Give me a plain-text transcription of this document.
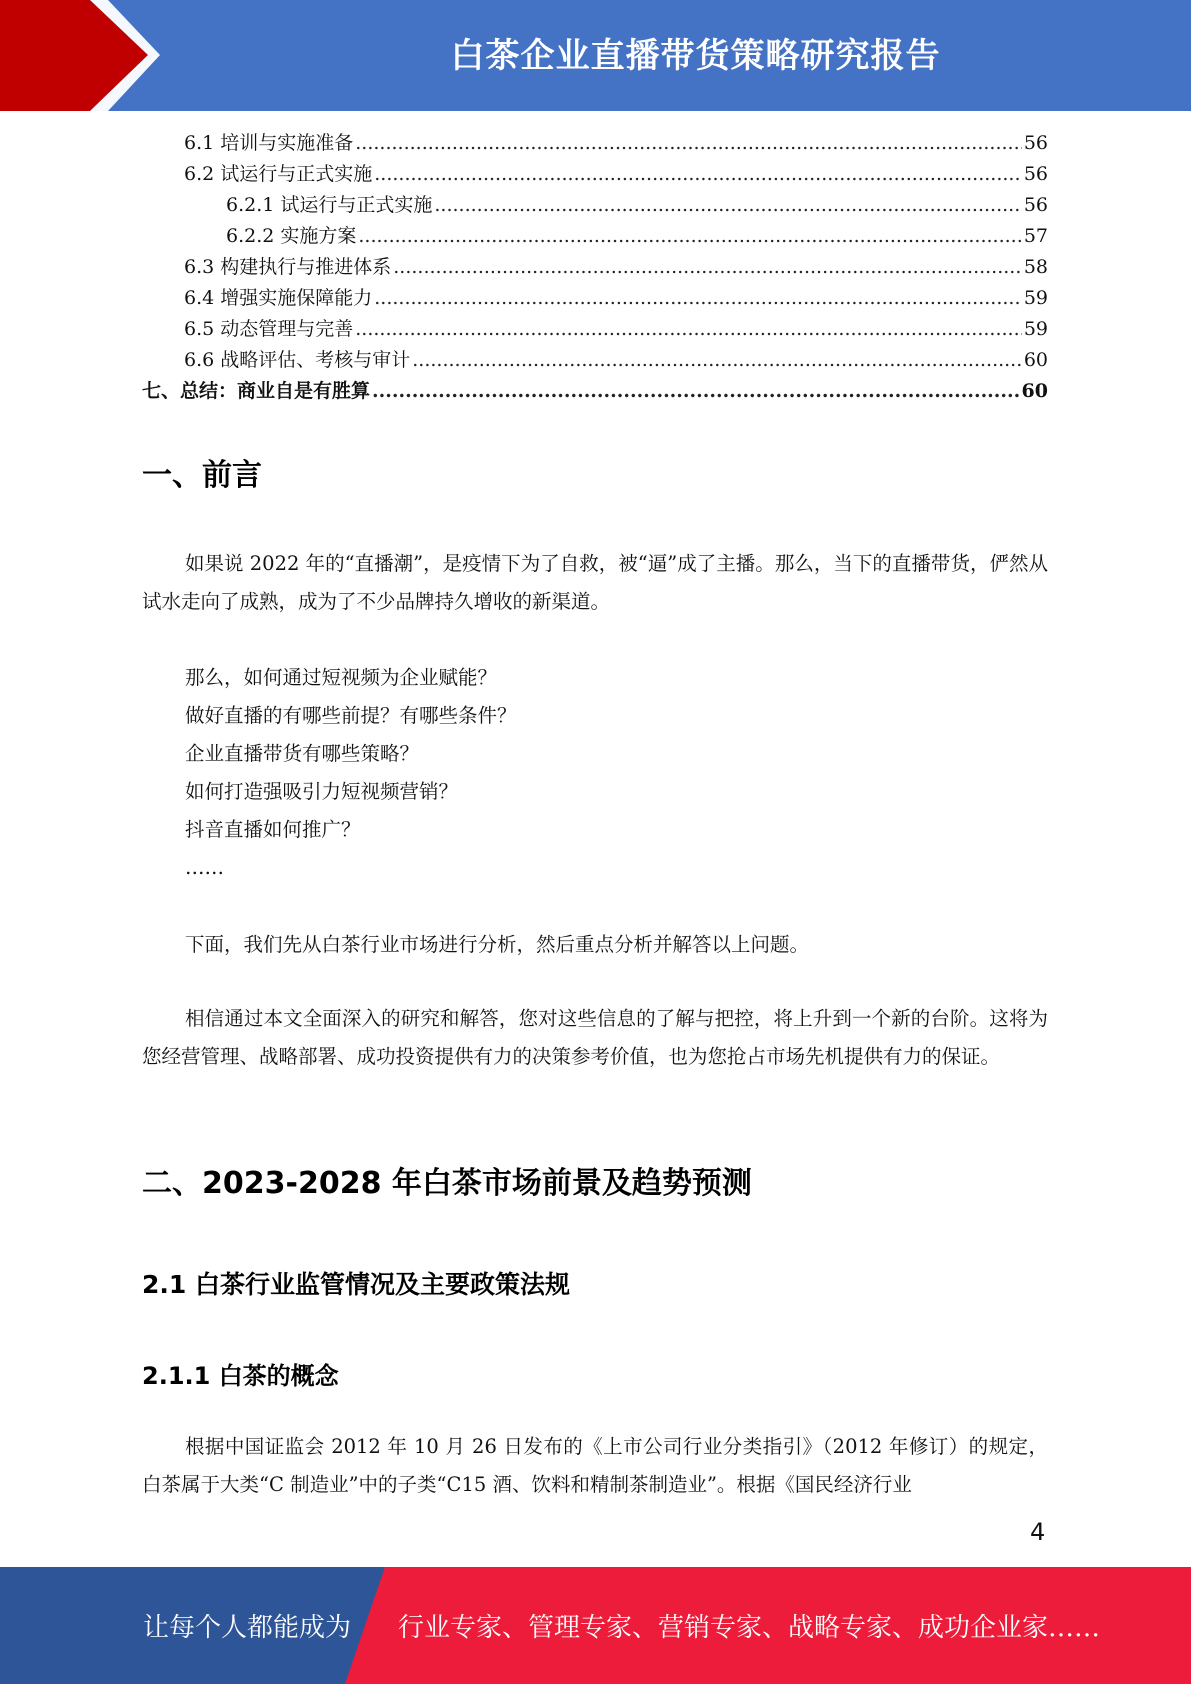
白茶企业直播带货策略研究报告
6.1 培训与实施准备 .....	56
6.2 试运行与正式实施 .....	56
6.2.1 试运行与正式实施 .....	56
6.2.2 实施方案 .....	57
6.3 构建执行与推进体系 .....	58
6.4 增强实施保障能力 .....	59
6.5 动态管理与完善 .....	59
6.6 战略评估、考核与审计 .....	60
七、总结：商业自是有胜算 .....	60
一、前言

如果说 2022 年的“直播潮”，是疫情下为了自救，被“逼”成了主播。那么，当下的直播带货，俨然从试水走向了成熟，成为了不少品牌持久增收的新渠道。

那么，如何通过短视频为企业赋能？
做好直播的有哪些前提？有哪些条件？
企业直播带货有哪些策略？
如何打造强吸引力短视频营销？
抖音直播如何推广？
……

下面，我们先从白茶行业市场进行分析，然后重点分析并解答以上问题。

相信通过本文全面深入的研究和解答，您对这些信息的了解与把控，将上升到一个新的台阶。这将为您经营管理、战略部署、成功投资提供有力的决策参考价值，也为您抢占市场先机提供有力的保证。

二、2023-2028 年白茶市场前景及趋势预测
2.1 白茶行业监管情况及主要政策法规
2.1.1 白茶的概念

根据中国证监会 2012 年 10 月 26 日发布的《上市公司行业分类指引》（2012 年修订）的规定，白茶属于大类“C 制造业”中的子类“C15 酒、饮料和精制茶制造业”。根据《国民经济行业

4
让每个人都能成为 行业专家、管理专家、营销专家、战略专家、成功企业家……
